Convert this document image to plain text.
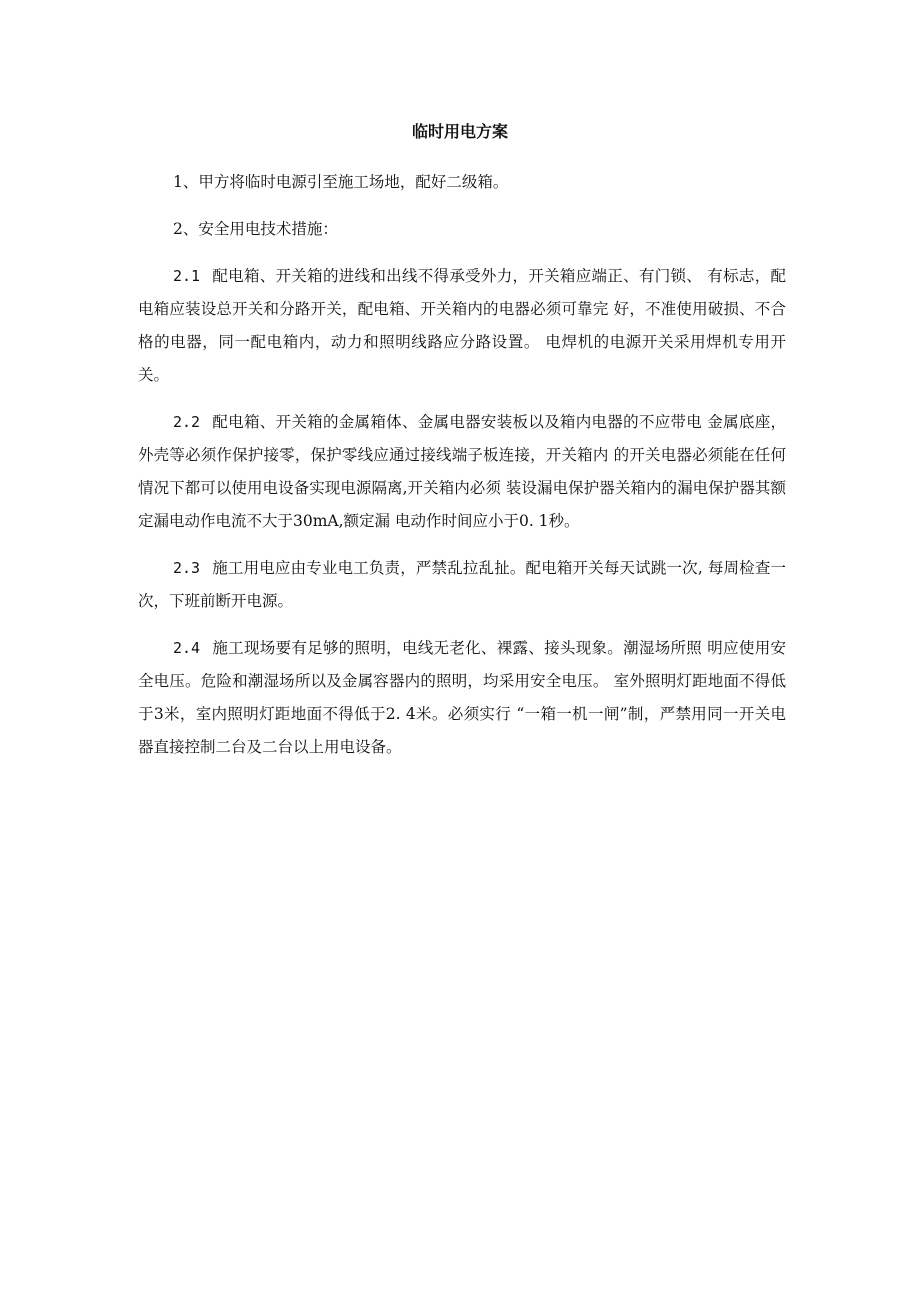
临时用电方案

1、甲方将临时电源引至施工场地，配好二级箱。

2、安全用电技术措施：

2.1 配电箱、开关箱的进线和出线不得承受外力，开关箱应端正、有门锁、 有标志，配电箱应装设总开关和分路开关，配电箱、开关箱内的电器必须可靠完 好，不准使用破损、不合格的电器，同一配电箱内，动力和照明线路应分路设置。 电焊机的电源开关采用焊机专用开关。

2.2 配电箱、开关箱的金属箱体、金属电器安装板以及箱内电器的不应带电 金属底座，外壳等必须作保护接零，保护零线应通过接线端子板连接，开关箱内 的开关电器必须能在任何情况下都可以使用电设备实现电源隔离,开关箱内必须 装设漏电保护器关箱内的漏电保护器其额定漏电动作电流不大于30mA,额定漏 电动作时间应小于0. 1秒。

2.3 施工用电应由专业电工负责，严禁乱拉乱扯。配电箱开关每天试跳一次, 每周检查一次，下班前断开电源。

2.4 施工现场要有足够的照明，电线无老化、裸露、接头现象。潮湿场所照 明应使用安全电压。危险和潮湿场所以及金属容器内的照明，均采用安全电压。 室外照明灯距地面不得低于3米，室内照明灯距地面不得低于2. 4米。必须实行 “一箱一机一闸”制，严禁用同一开关电器直接控制二台及二台以上用电设备。
